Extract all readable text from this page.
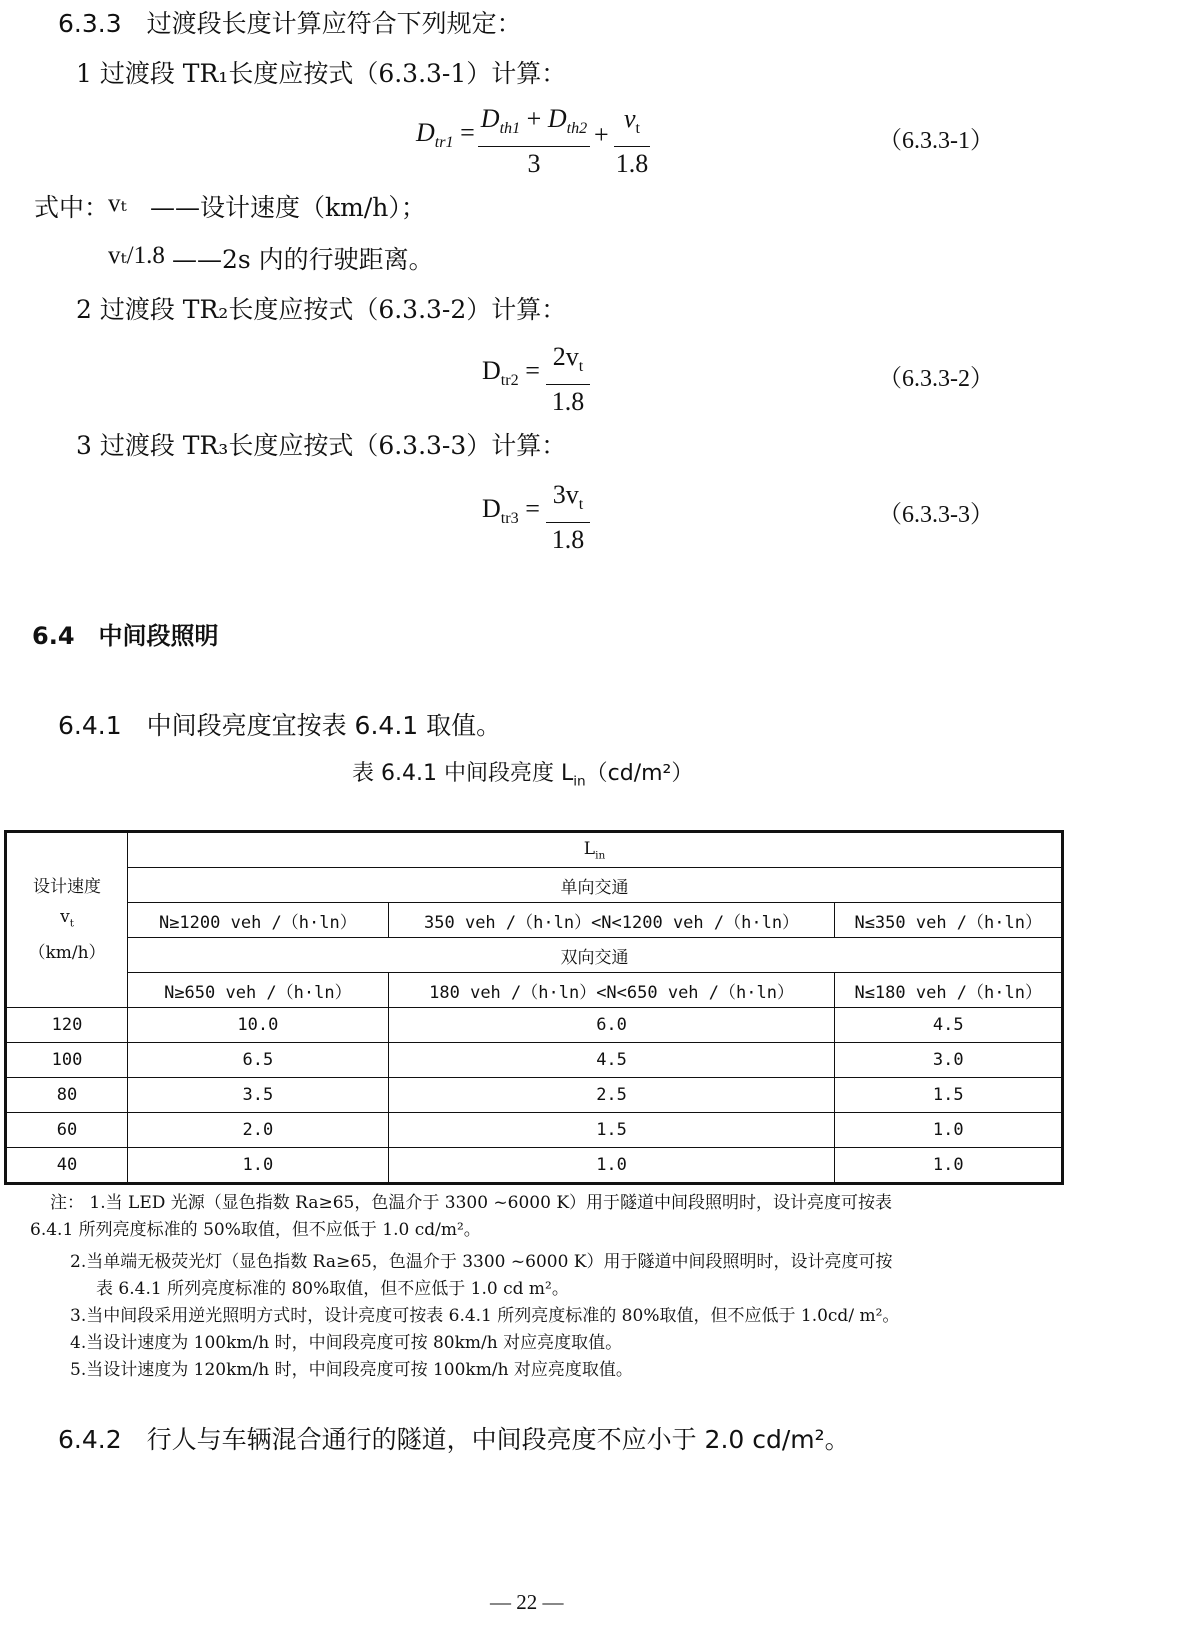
6.3.3　过渡段长度计算应符合下列规定：
1 过渡段 TR₁长度应按式（6.3.3-1）计算：
$D_{tr1} = D_{th1} + D_{th2}$
3
+
$v_t$
1.8
（6.3.3-1）
式中：
vₜ ——设计速度（km/h）；
vₜ/1.8 ——2s 内的行驶距离。
2 过渡段 TR₂长度应按式（6.3.3-2）计算：
$D_{tr2} = 2v_t$
1.8
（6.3.3-2）
3 过渡段 TR₃长度应按式（6.3.3-3）计算：
$D_{tr3} = 3v_t$
1.8
（6.3.3-3）
6.4　中间段照明
6.4.1　中间段亮度宜按表 6.4.1 取值。
表 6.4.1 中间段亮度 $L_{in}(cd/m^2)$
设计速度
$v_t$
（km/h）	$L_{in}$
	单向交通		
	N≥1200 veh /（h·ln）	350 veh /（h·ln）<N<1200 veh /（h·ln）	N≤350 veh /（h·ln）
	双向交通		
	N≥650 veh /（h·ln）	180 veh /（h·ln）<N<650 veh /（h·ln）	N≤180 veh /（h·ln）
120	10.0	6.0	4.5
100	6.5	4.5	3.0
80	3.5	2.5	1.5
60	2.0	1.5	1.0
40	1.0	1.0	1.0
注： 1.当 LED 光源（显色指数 Ra≥65，色温介于 3300 ~6000 K）用于隧道中间段照明时，设计亮度可按表
6.4.1 所列亮度标准的 50%取值，但不应低于 1.0 cd/m²。
2.当单端无极荧光灯（显色指数 Ra≥65，色温介于 3300 ~6000 K）用于隧道中间段照明时，设计亮度可按
表 6.4.1 所列亮度标准的 80%取值，但不应低于 1.0 cd m²。
3.当中间段采用逆光照明方式时，设计亮度可按表 6.4.1 所列亮度标准的 80%取值，但不应低于 1.0cd/ m²。
4.当设计速度为 100km/h 时，中间段亮度可按 80km/h 对应亮度取值。
5.当设计速度为 120km/h 时，中间段亮度可按 100km/h 对应亮度取值。
6.4.2　行人与车辆混合通行的隧道，中间段亮度不应小于 2.0 cd/m²。
— 22 —
